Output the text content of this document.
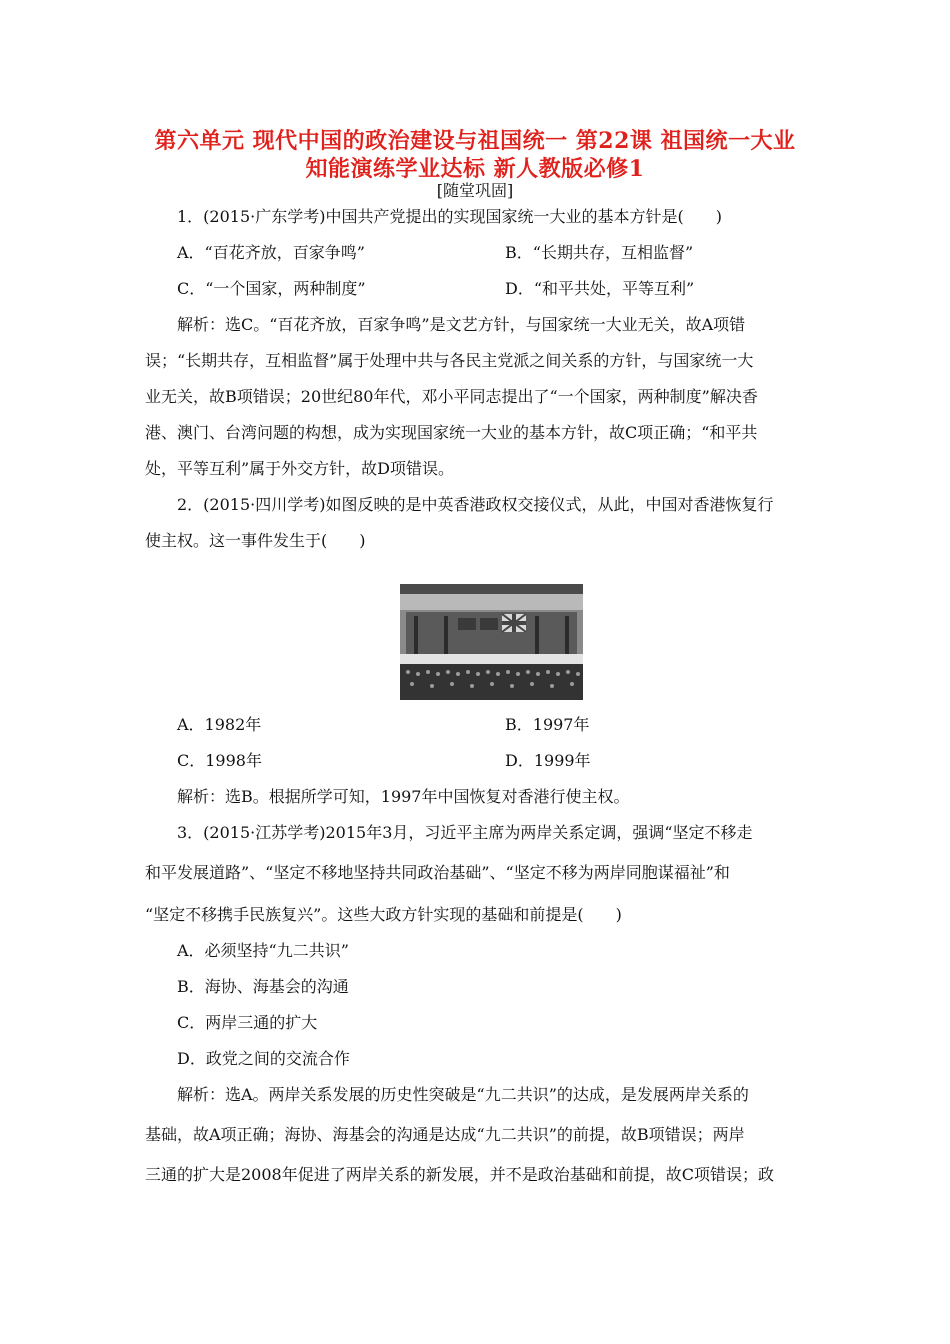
第六单元 现代中国的政治建设与祖国统一 第22课 祖国统一大业
知能演练学业达标 新人教版必修1
[随堂巩固]
1．(2015·广东学考)中国共产党提出的实现国家统一大业的基本方针是(　　)
A．“百花齐放，百家争鸣”	B．“长期共存，互相监督”
C．“一个国家，两种制度”	D．“和平共处，平等互利”
解析：选C。“百花齐放，百家争鸣”是文艺方针，与国家统一大业无关，故A项错
误；“长期共存，互相监督”属于处理中共与各民主党派之间关系的方针，与国家统一大
业无关，故B项错误；20世纪80年代，邓小平同志提出了“一个国家，两种制度”解决香
港、澳门、台湾问题的构想，成为实现国家统一大业的基本方针，故C项正确；“和平共
处，平等互利”属于外交方针，故D项错误。
2．(2015·四川学考)如图反映的是中英香港政权交接仪式，从此，中国对香港恢复行
使主权。这一事件发生于(　　)
A．1982年	B．1997年
C．1998年	D．1999年
解析：选B。根据所学可知，1997年中国恢复对香港行使主权。
3．(2015·江苏学考)2015年3月，习近平主席为两岸关系定调，强调“坚定不移走
和平发展道路”、“坚定不移地坚持共同政治基础”、“坚定不移为两岸同胞谋福祉”和
“坚定不移携手民族复兴”。这些大政方针实现的基础和前提是(　　)
A．必须坚持“九二共识”
B．海协、海基会的沟通
C．两岸三通的扩大
D．政党之间的交流合作
解析：选A。两岸关系发展的历史性突破是“九二共识”的达成，是发展两岸关系的
基础，故A项正确；海协、海基会的沟通是达成“九二共识”的前提，故B项错误；两岸
三通的扩大是2008年促进了两岸关系的新发展，并不是政治基础和前提，故C项错误；政
